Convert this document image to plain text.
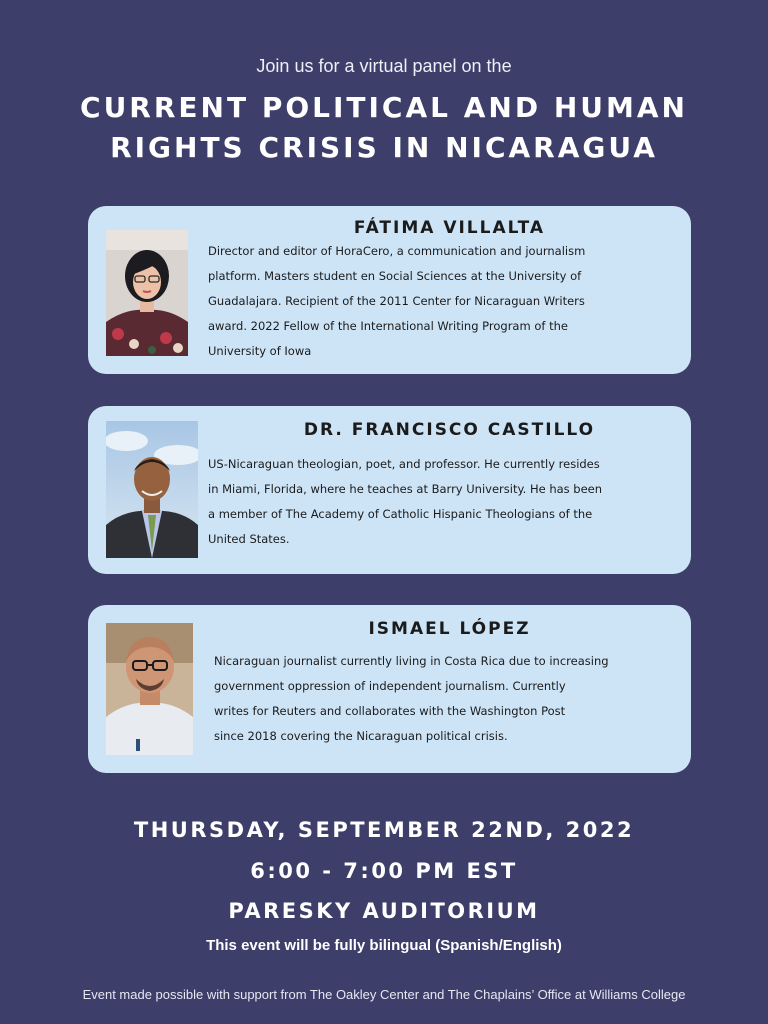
Join us for a virtual panel on the
CURRENT POLITICAL AND HUMAN
RIGHTS CRISIS IN NICARAGUA
FÁTIMA VILLALTA
Director and editor of HoraCero, a communication and journalism
platform. Masters student en Social Sciences at the University of
Guadalajara. Recipient of the 2011 Center for Nicaraguan Writers
award. 2022 Fellow of the International Writing Program of the
University of Iowa
DR. FRANCISCO CASTILLO
US-Nicaraguan theologian, poet, and professor. He currently resides
in Miami, Florida, where he teaches at Barry University. He has been
a member of The Academy of Catholic Hispanic Theologians of the
United States.
ISMAEL LÓPEZ
Nicaraguan journalist currently living in Costa Rica due to increasing
government oppression of independent journalism. Currently
writes for Reuters and collaborates with the Washington Post
since 2018 covering the Nicaraguan political crisis.
THURSDAY, SEPTEMBER 22ND, 2022
6:00 - 7:00 PM EST
PARESKY AUDITORIUM
This event will be fully bilingual (Spanish/English)
Event made possible with support from The Oakley Center and The Chaplains’ Office at Williams College
